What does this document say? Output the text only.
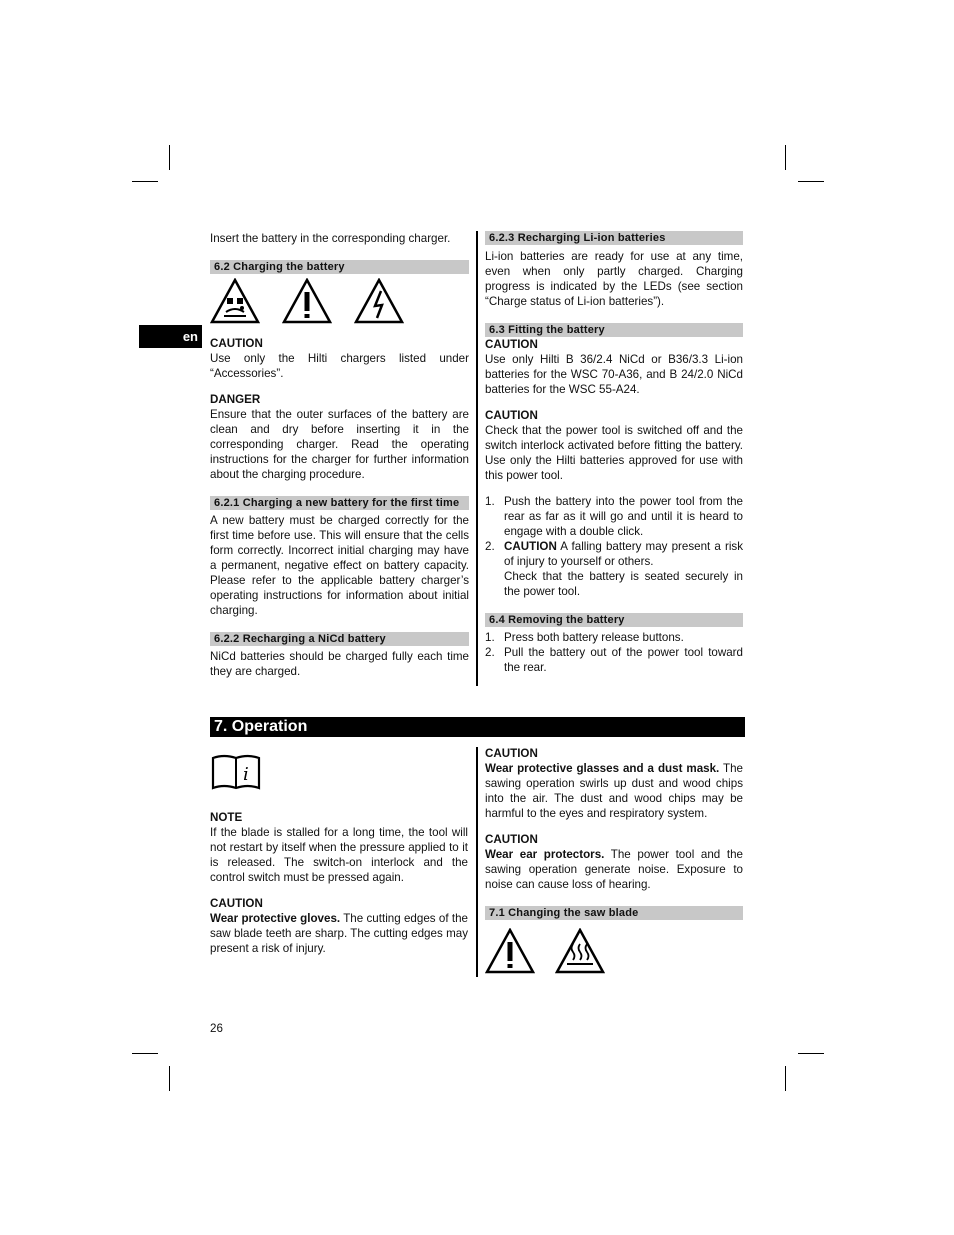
en

Insert the battery in the corresponding charger.

6.2 Charging the battery
CAUTION

Use only the Hilti chargers listed under “Accessories”.

DANGER

Ensure that the outer surfaces of the battery are clean and dry before inserting it in the corresponding charger. Read the operating instructions for the charger for further information about the charging procedure.

6.2.1 Charging a new battery for the first time

A new battery must be charged correctly for the first time before use. This will ensure that the cells form correctly. Incorrect initial charging may have a permanent, negative effect on battery capacity. Please refer to the applicable battery charger’s operating instructions for information about initial charging.

6.2.2 Recharging a NiCd battery

NiCd batteries should be charged fully each time they are charged.

6.2.3 Recharging Li-ion batteries

Li-ion batteries are ready for use at any time, even when only partly charged. Charging progress is indicated by the LEDs (see section “Charge status of Li-ion batteries”).

6.3 Fitting the battery
CAUTION

Use only Hilti B 36/2.4 NiCd or B36/3.3 Li-ion batteries for the WSC 70-A36, and B 24/2.0 NiCd batteries for the WSC 55-A24.

CAUTION

Check that the power tool is switched off and the switch interlock activated before fitting the battery. Use only the Hilti batteries approved for use with this power tool.

1. Push the battery into the power tool from the rear as far as it will go and until it is heard to engage with a double click.
2. CAUTION A falling battery may present a risk of injury to yourself or others.
Check that the battery is seated securely in the power tool.
6.4 Removing the battery
1. Press both battery release buttons.
2. Pull the battery out of the power tool toward the rear.
7. Operation
i
NOTE

If the blade is stalled for a long time, the tool will not restart by itself when the pressure applied to it is released. The switch-on interlock and the control switch must be pressed again.

CAUTION

Wear protective gloves. The cutting edges of the saw blade teeth are sharp. The cutting edges may present a risk of injury.

CAUTION

Wear protective glasses and a dust mask. The sawing operation swirls up dust and wood chips into the air. The dust and wood chips may be harmful to the eyes and respiratory system.

CAUTION

Wear ear protectors. The power tool and the sawing operation generate noise. Exposure to noise can cause loss of hearing.

7.1 Changing the saw blade
26
